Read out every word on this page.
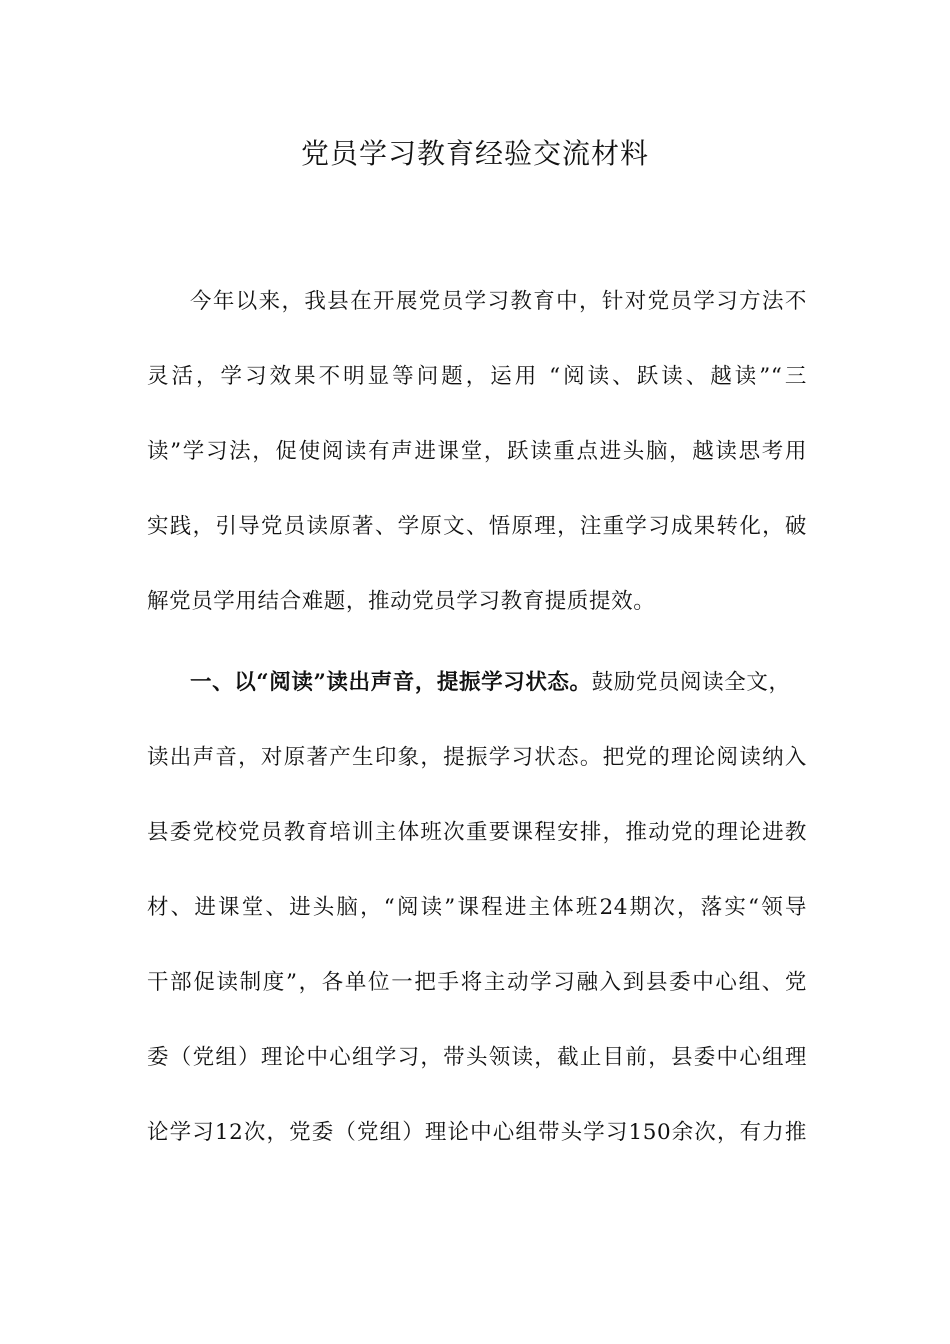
党员学习教育经验交流材料
今年以来，我县在开展党员学习教育中，针对党员学习方法不
灵活，学习效果不明显等问题，运用 “阅读、跃读、越读”“三
读”学习法，促使阅读有声进课堂，跃读重点进头脑，越读思考用
实践，引导党员读原著、学原文、悟原理，注重学习成果转化，破
解党员学用结合难题，推动党员学习教育提质提效。
一、以“阅读”读出声音，提振学习状态。鼓励党员阅读全文，
读出声音，对原著产生印象，提振学习状态。把党的理论阅读纳入
县委党校党员教育培训主体班次重要课程安排，推动党的理论进教
材、进课堂、进头脑，“阅读”课程进主体班24期次，落实“领导
干部促读制度”，各单位一把手将主动学习融入到县委中心组、党
委（党组）理论中心组学习，带头领读，截止目前，县委中心组理
论学习12次，党委（党组）理论中心组带头学习150余次，有力推
